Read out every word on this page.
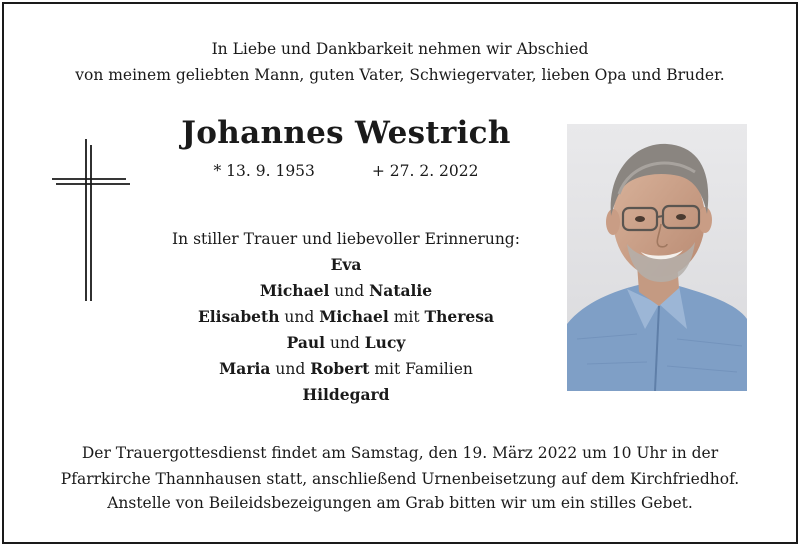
In Liebe und Dankbarkeit nehmen wir Abschied
von meinem geliebten Mann, guten Vater, Schwiegervater, lieben Opa und Bruder.
Johannes Westrich
* 13. 9. 1953	+ 27. 2. 2022
In stiller Trauer und liebevoller Erinnerung:
Eva
Michael und Natalie
Elisabeth und Michael mit Theresa
Paul und Lucy
Maria und Robert mit Familien
Hildegard
Der Trauergottesdienst findet am Samstag, den 19. März 2022 um 10 Uhr in der
Pfarrkirche Thannhausen statt, anschließend Urnenbeisetzung auf dem Kirchfriedhof.
Anstelle von Beileidsbezeigungen am Grab bitten wir um ein stilles Gebet.
